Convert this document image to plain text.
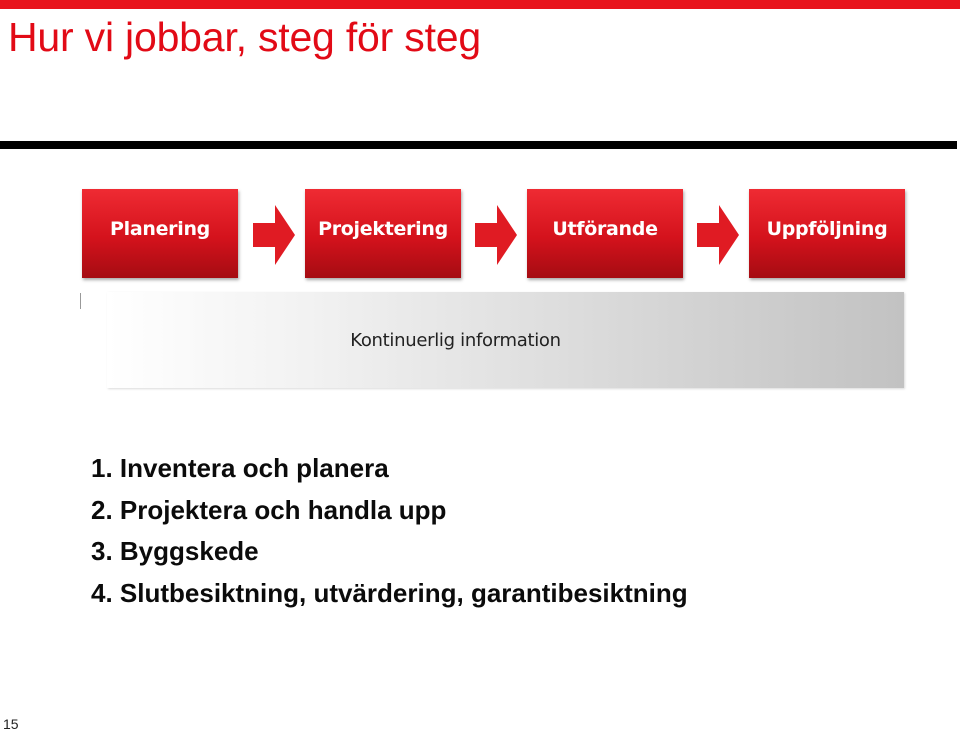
Hur vi jobbar, steg för steg
Planering	Projektering	Utförande	Uppföljning
Kontinuerlig information
1. Inventera och planera
2. Projektera och handla upp
3. Byggskede
4. Slutbesiktning, utvärdering, garantibesiktning
15
